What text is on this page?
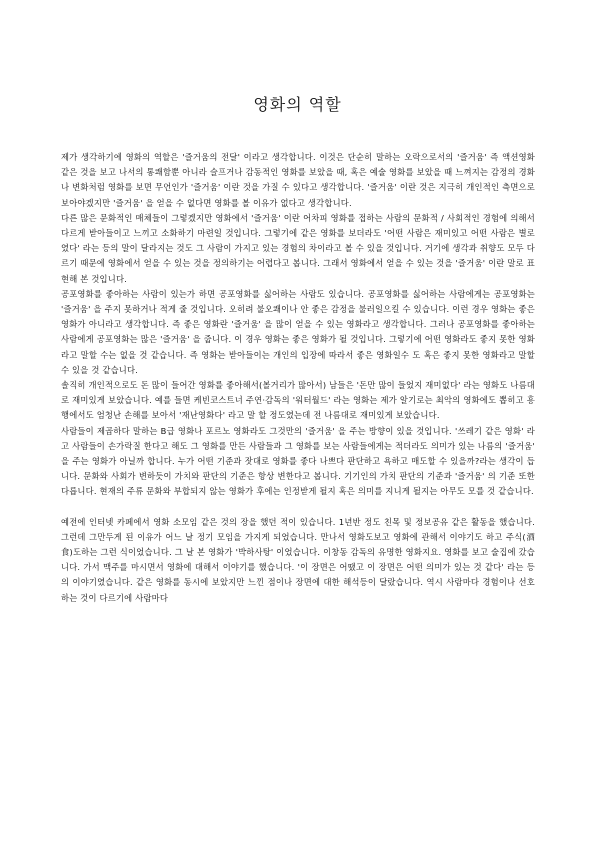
영화의 역할

제가 생각하기에 영화의 역할은 '즐거움의 전달' 이라고 생각합니다. 이것은 단순히 말하는 오락으로서의 '즐거움' 즉 액션영화 같은 것을 보고 나서의 통쾌함뿐 아니라 슬프거나 감동적인 영화를 보았을 때, 혹은 예술 영화를 보았을 때 느껴지는 감정의 경화나 변화처럼 영화를 보면 무언인가 '즐거움' 이란 것을 가질 수 있다고 생각합니다. '즐거움' 이란 것은 지극히 개인적인 측면으로 보아야겠지만 '즐거움' 을 얻을 수 없다면 영화를 볼 이유가 없다고 생각합니다.

다른 많은 문화적인 매체들이 그렇겠지만 영화에서 '즐거움' 이란 어차피 영화를 접하는 사람의 문화적 / 사회적인 경험에 의해서 다르게 받아들이고 느끼고 소화하기 마련일 것입니다. 그렇기에 같은 영화를 보더라도 '어떤 사람은 재미있고 어떤 사람은 별로였다' 라는 등의 말이 달라지는 것도 그 사람이 가지고 있는 경험의 차이라고 볼 수 있을 것입니다. 거기에 생각과 취향도 모두 다르기 때문에 영화에서 얻을 수 있는 것을 정의하기는 어렵다고 봅니다. 그래서 영화에서 얻을 수 있는 것을 '즐거움' 이란 말로 표현해 본 것입니다.

공포영화를 좋아하는 사람이 있는가 하면 공포영화를 싫어하는 사람도 있습니다. 공포영화를 싫어하는 사람에게는 공포영화는 '즐거움' 을 주지 못하거나 적게 줄 것입니다. 오히려 불오쾌이나 안 좋은 감정을 불러일으킬 수 있습니다. 이런 경우 영화는 좋은 영화가 아니라고 생각합니다. 즉 좋은 영화란 '즐거움' 을 많이 얻을 수 있는 영화라고 생각합니다. 그러나 공포영화를 좋아하는 사람에게 공포영화는 많은 '즐거움' 을 줍니다. 이 경우 영화는 좋은 영화가 될 것입니다. 그렇기에 어떤 영화라도 좋지 못한 영화라고 말할 수는 없을 것 같습니다. 즉 영화는 받아들이는 개인의 입장에 따라서 좋은 영화일수 도 혹은 좋지 못한 영화라고 말할 수 있을 것 같습니다.

솔직히 개인적으로도 돈 많이 들어간 영화를 좋아해서(볼거리가 많아서) 남들은 '돈만 많이 들었지 재미없다' 라는 영화도 나름대로 재미있게 보았습니다. 예를 들면 케빈코스트너 주연·감독의 '워터월드' 라는 영화는 제가 알기로는 최악의 영화에도 뽑히고 흥행에서도 엄청난 손해를 보아서 '재난영화다' 라고 말 할 정도였는데 전 나름대로 재미있게 보았습니다.

사람들이 제곱하다 말하는 B급 영화나 포르노 영화라도 그것만의 '즐거움' 을 주는 방향이 있을 것입니다. '쓰레기 같은 영화' 라고 사람들이 손가락질 한다고 해도 그 영화를 만든 사람들과 그 영화를 보는 사람들에게는 적더라도 의미가 있는 나름의 '즐거움' 을 주는 영화가 아닐까 합니다. 누가 어떤 기준과 잣대로 영화를 좋다 나쁘다 판단하고 욕하고 매도할 수 있을까?라는 생각이 듭니다. 문화와 사회가 변하듯이 가치와 판단의 기준은 항상 변한다고 봅니다. 기기인의 가치 판단의 기준과 '즐거움' 의 기준 또한 다릅니다. 현재의 주류 문화와 부합되지 않는 영화가 후에는 인정받게 될지 혹은 의미를 지니게 될지는 아무도 모를 것 같습니다.

예전에 인터넷 카페에서 영화 소모임 같은 것의 장을 했던 적이 있습니다. 1년반 정도 친목 및 정보공유 같은 활동을 했습니다. 그런데 그만두게 된 이유가 어느 날 정기 모임을 가지게 되었습니다. 만나서 영화도보고 영화에 관해서 이야기도 하고 주식(酒食)도하는 그런 식이었습니다. 그 날 본 영화가 '박하사탕' 이었습니다. 이창동 감독의 유명한 영화지요. 영화를 보고 술집에 갔습니다. 가서 맥주를 마시면서 영화에 대해서 이야기를 했습니다. '이 장면은 어땠고 이 장면은 어떤 의미가 있는 것 같다' 라는 등의 이야기였습니다. 같은 영화를 동시에 보았지만 느낀 점이나 장면에 대한 해석등이 달랐습니다. 역시 사람마다 경험이나 선호 하는 것이 다르기에 사람마다
